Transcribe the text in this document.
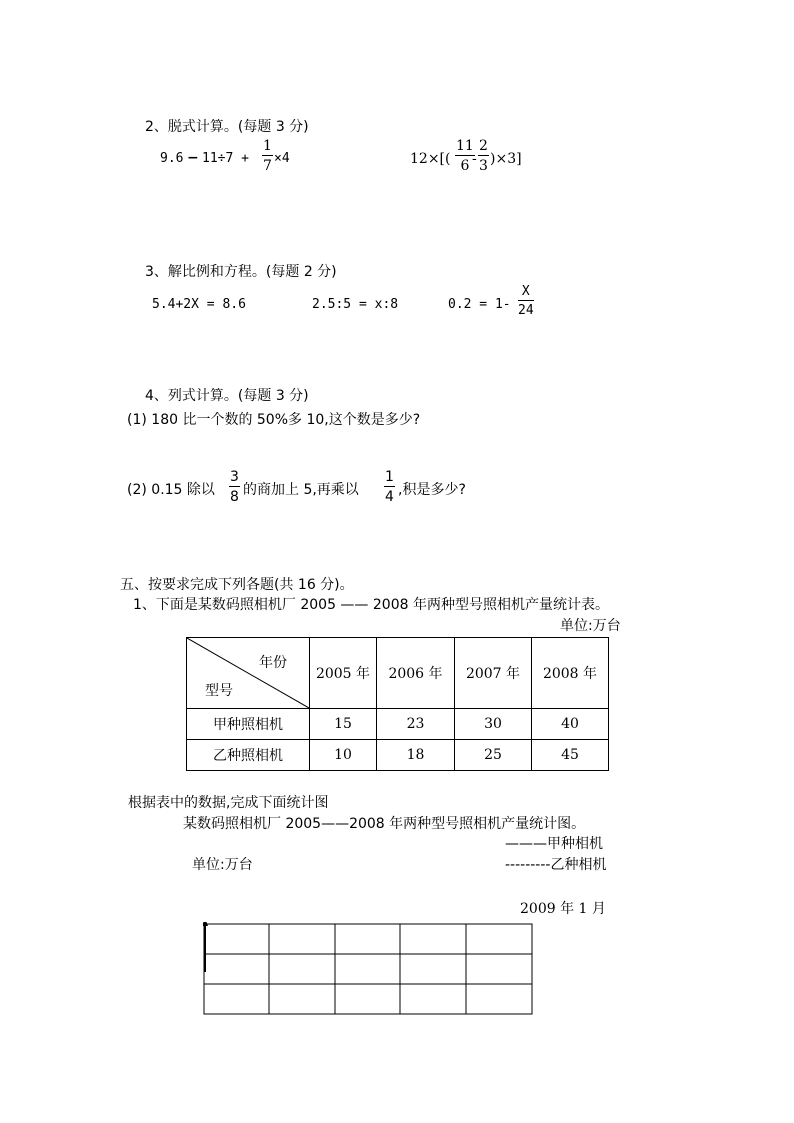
2、脱式计算。(每题 3 分)
$9.6 - 11\div 7 + \frac{1}{7} \times 4$	$12\times[( \frac{11}{6}$
- $\frac{2}{3} )\times 3$]
3、解比例和方程。(每题 2 分)
5.4+2X = 8.6	2.5:5 = x:8	$0.2 = 1- \frac{X}{24}$
4、列式计算。(每题 3 分)
(1) 180 比一个数的 50%多 10,这个数是多少?
(2) 0.15 除以 $\frac{3}{8}$ 的商加上 5,再乘以 $\frac{1}{4}$ ,积是多少?
五、按要求完成下列各题(共 16 分)。
1、下面是某数码照相机厂 2005 —— 2008 年两种型号照相机产量统计表。
单位:万台
年份
型号	2005 年	2006 年	2007 年	2008 年
甲种照相机	15	23	30	40
乙种照相机	10	18	25	45
根据表中的数据,完成下面统计图
某数码照相机厂 2005——2008 年两种型号照相机产量统计图。
———甲种相机
单位:万台	---------乙种相机
2009 年 1 月
